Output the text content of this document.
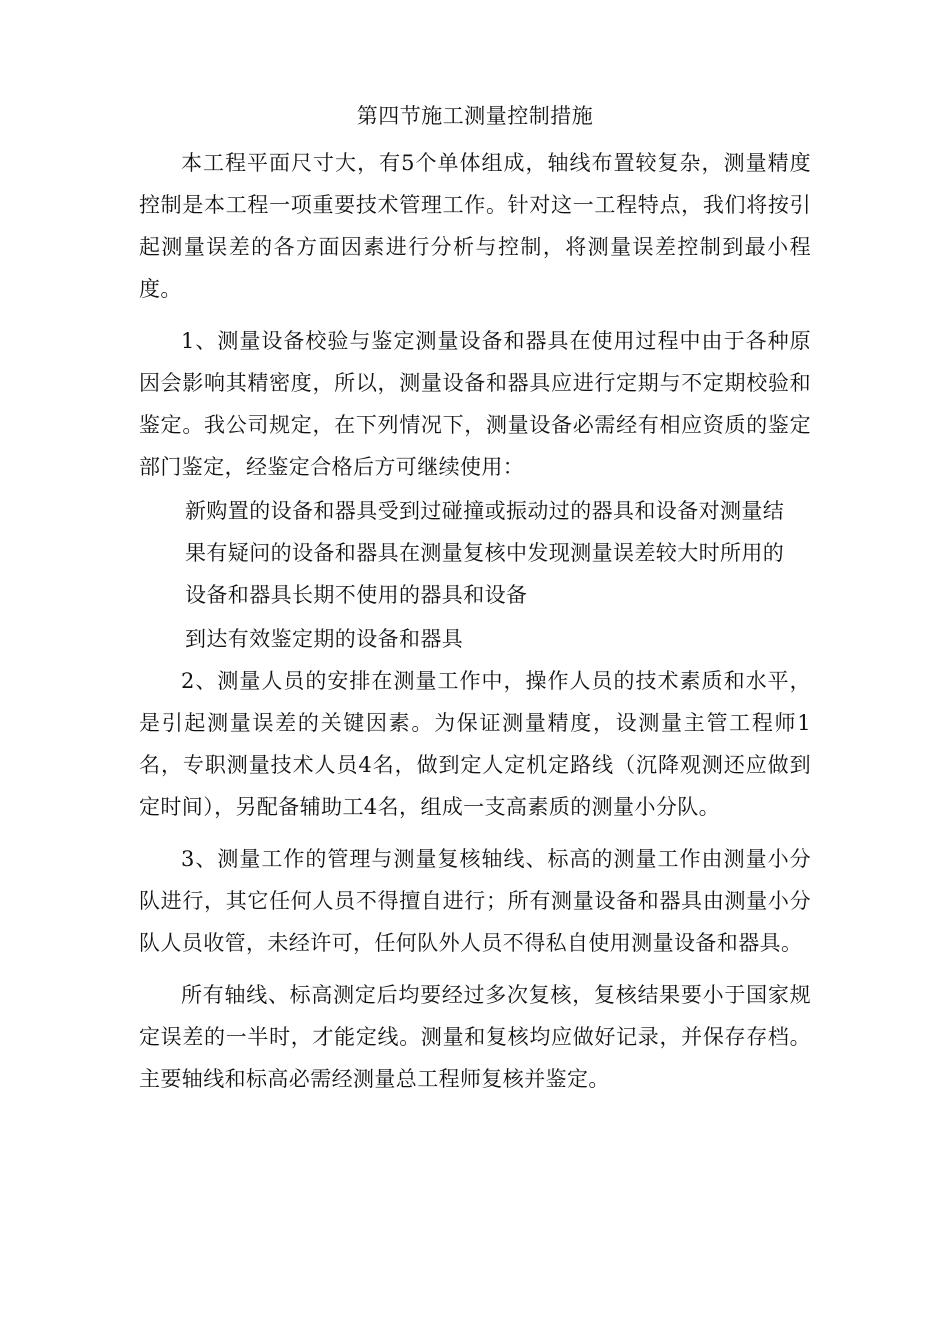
第四节施工测量控制措施

本工程平面尺寸大，有5个单体组成，轴线布置较复杂，测量精度控制是本工程一项重要技术管理工作。针对这一工程特点，我们将按引起测量误差的各方面因素进行分析与控制，将测量误差控制到最小程度。

1、测量设备校验与鉴定测量设备和器具在使用过程中由于各种原因会影响其精密度，所以，测量设备和器具应进行定期与不定期校验和鉴定。我公司规定，在下列情况下，测量设备必需经有相应资质的鉴定部门鉴定，经鉴定合格后方可继续使用：

新购置的设备和器具受到过碰撞或振动过的器具和设备对测量结

果有疑问的设备和器具在测量复核中发现测量误差较大时所用的

设备和器具长期不使用的器具和设备

到达有效鉴定期的设备和器具

2、测量人员的安排在测量工作中，操作人员的技术素质和水平，是引起测量误差的关键因素。为保证测量精度，设测量主管工程师1名，专职测量技术人员4名，做到定人定机定路线（沉降观测还应做到定时间），另配备辅助工4名，组成一支高素质的测量小分队。

3、测量工作的管理与测量复核轴线、标高的测量工作由测量小分队进行，其它任何人员不得擅自进行；所有测量设备和器具由测量小分队人员收管，未经许可，任何队外人员不得私自使用测量设备和器具。

所有轴线、标高测定后均要经过多次复核，复核结果要小于国家规定误差的一半时，才能定线。测量和复核均应做好记录，并保存存档。主要轴线和标高必需经测量总工程师复核并鉴定。
